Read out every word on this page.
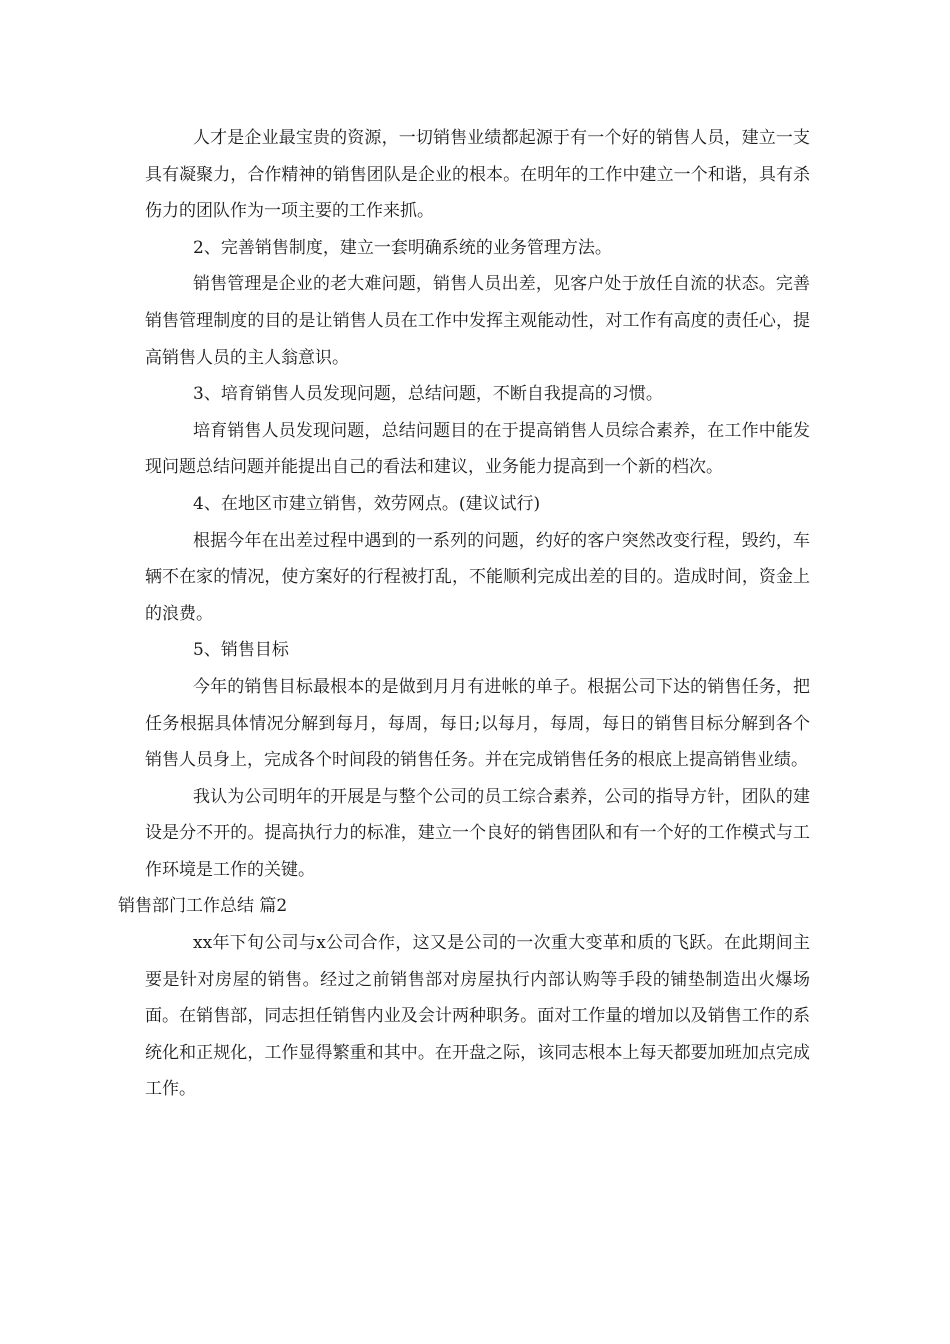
人才是企业最宝贵的资源，一切销售业绩都起源于有一个好的销售人员，建立一支具有凝聚力，合作精神的销售团队是企业的根本。在明年的工作中建立一个和谐，具有杀伤力的团队作为一项主要的工作来抓。

2、完善销售制度，建立一套明确系统的业务管理方法。

销售管理是企业的老大难问题，销售人员出差，见客户处于放任自流的状态。完善销售管理制度的目的是让销售人员在工作中发挥主观能动性，对工作有高度的责任心，提高销售人员的主人翁意识。

3、培育销售人员发现问题，总结问题，不断自我提高的习惯。

培育销售人员发现问题，总结问题目的在于提高销售人员综合素养，在工作中能发现问题总结问题并能提出自己的看法和建议，业务能力提高到一个新的档次。

4、在地区市建立销售，效劳网点。(建议试行)

根据今年在出差过程中遇到的一系列的问题，约好的客户突然改变行程，毁约，车辆不在家的情况，使方案好的行程被打乱，不能顺利完成出差的目的。造成时间，资金上的浪费。

5、销售目标

今年的销售目标最根本的是做到月月有进帐的单子。根据公司下达的销售任务，把任务根据具体情况分解到每月，每周，每日;以每月，每周，每日的销售目标分解到各个销售人员身上，完成各个时间段的销售任务。并在完成销售任务的根底上提高销售业绩。

我认为公司明年的开展是与整个公司的员工综合素养，公司的指导方针，团队的建设是分不开的。提高执行力的标准，建立一个良好的销售团队和有一个好的工作模式与工作环境是工作的关键。

销售部门工作总结 篇2

xx年下旬公司与x公司合作，这又是公司的一次重大变革和质的飞跃。在此期间主要是针对房屋的销售。经过之前销售部对房屋执行内部认购等手段的铺垫制造出火爆场面。在销售部，同志担任销售内业及会计两种职务。面对工作量的增加以及销售工作的系统化和正规化，工作显得繁重和其中。在开盘之际，该同志根本上每天都要加班加点完成工作。
